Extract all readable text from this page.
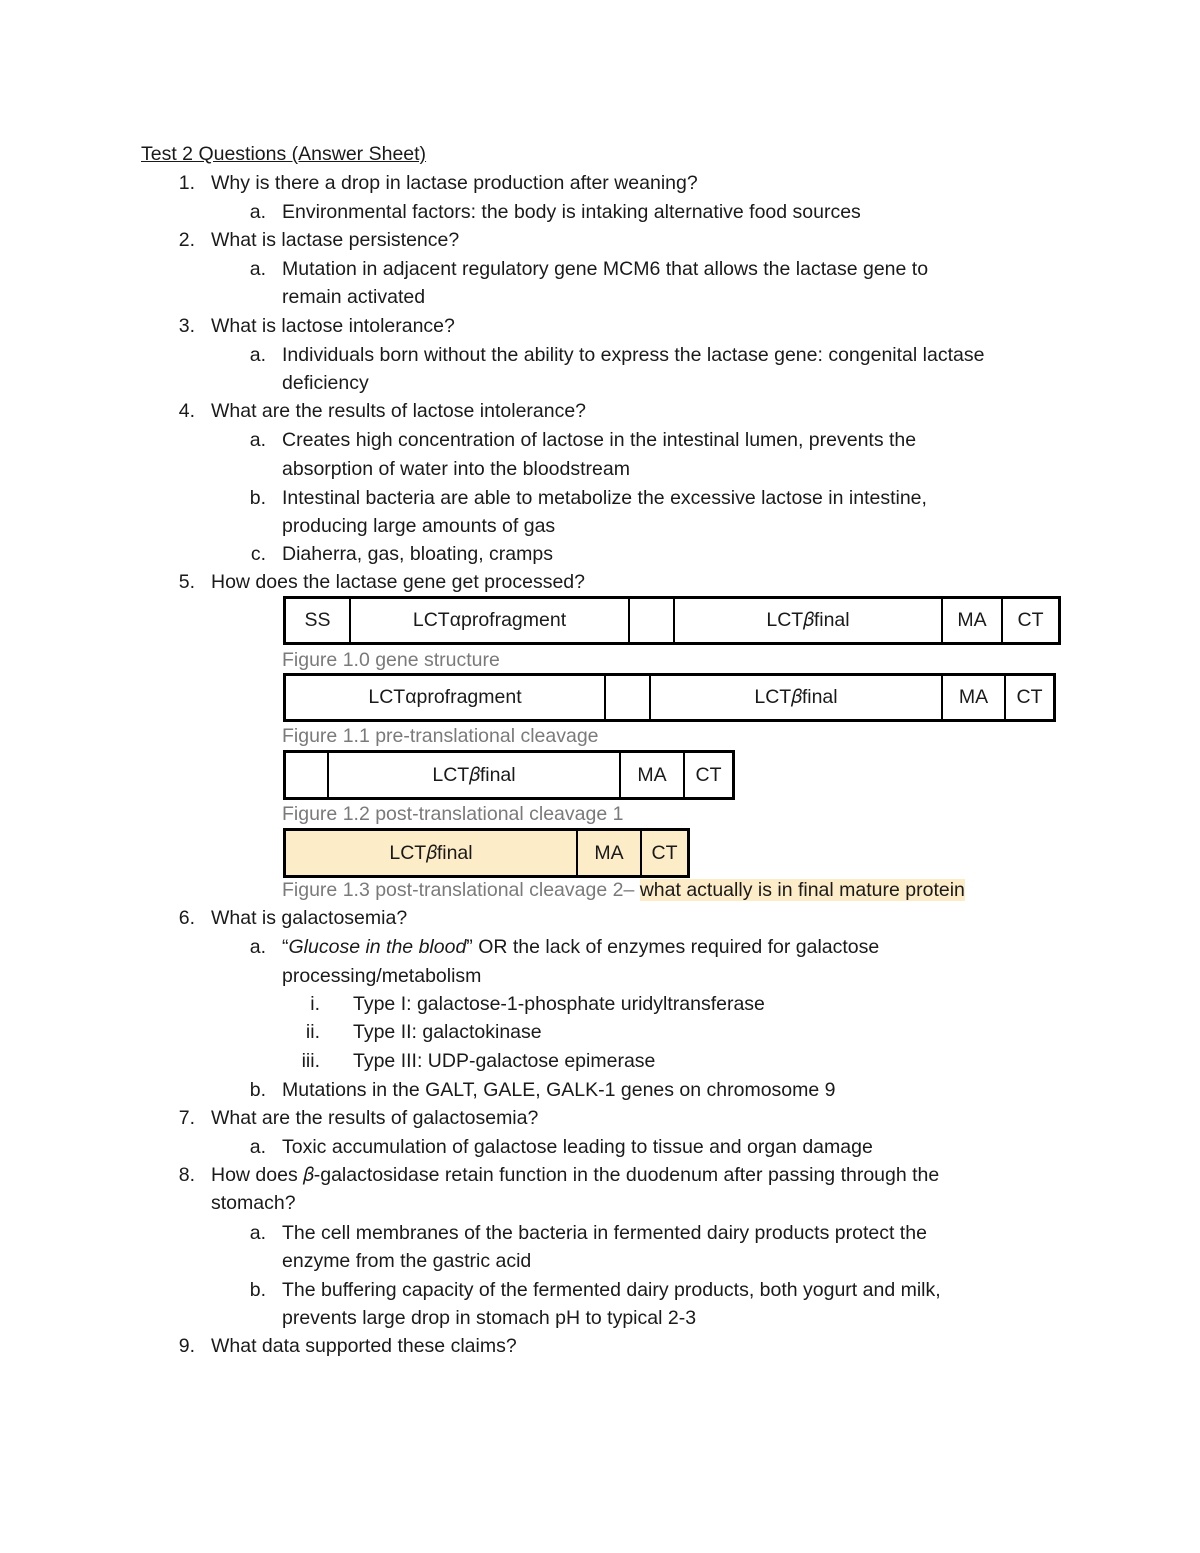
Test 2 Questions (Answer Sheet)
1. Why is there a drop in lactase production after weaning?
a. Environmental factors: the body is intaking alternative food sources
2. What is lactase persistence?
a. Mutation in adjacent regulatory gene MCM6 that allows the lactase gene to
remain activated
3. What is lactose intolerance?
a. Individuals born without the ability to express the lactase gene: congenital lactase
deficiency
4. What are the results of lactose intolerance?
a. Creates high concentration of lactose in the intestinal lumen, prevents the
absorption of water into the bloodstream
b. Intestinal bacteria are able to metabolize the excessive lactose in intestine,
producing large amounts of gas
c. Diaherra, gas, bloating, cramps
5. How does the lactase gene get processed?
SS	LCTαprofragment	LCT𝛽final	MA	CT
Figure 1.0 gene structure
LCTαprofragment	LCT𝛽final	MA	CT
Figure 1.1 pre-translational cleavage
LCT𝛽final	MA	CT
Figure 1.2 post-translational cleavage 1
LCT𝛽final	MA	CT
Figure 1.3 post-translational cleavage 2– what actually is in final mature protein
6. What is galactosemia?
a. “Glucose in the blood” OR the lack of enzymes required for galactose
processing/metabolism
i. Type I: galactose-1-phosphate uridyltransferase
ii. Type II: galactokinase
iii. Type III: UDP-galactose epimerase
b. Mutations in the GALT, GALE, GALK-1 genes on chromosome 9
7. What are the results of galactosemia?
a. Toxic accumulation of galactose leading to tissue and organ damage
8. How does 𝛽-galactosidase retain function in the duodenum after passing through the
stomach?
a. The cell membranes of the bacteria in fermented dairy products protect the
enzyme from the gastric acid
b. The buffering capacity of the fermented dairy products, both yogurt and milk,
prevents large drop in stomach pH to typical 2-3
9. What data supported these claims?
